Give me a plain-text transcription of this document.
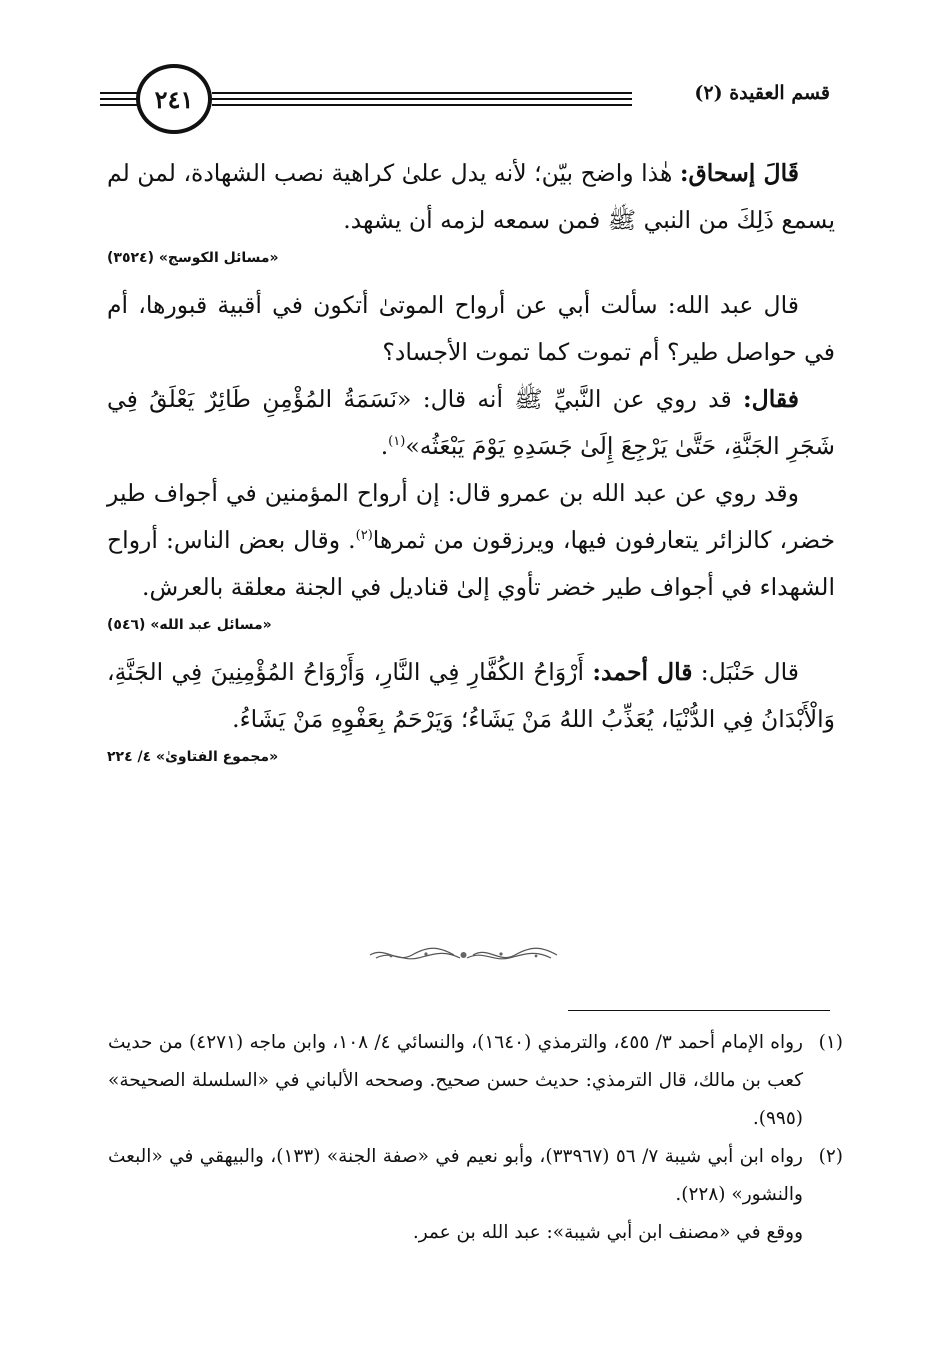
٢٤١	قسم العقيدة (٢)

قَالَ إسحاق: هٰذا واضح بيّن؛ لأنه يدل علىٰ كراهية نصب الشهادة، لمن لم يسمع ذَلِكَ من النبي ﷺ فمن سمعه لزمه أن يشهد.

«مسائل الكوسج» (٣٥٢٤)

قال عبد الله: سألت أبي عن أرواح الموتىٰ أتكون في أقبية قبورها، أم في حواصل طير؟ أم تموت كما تموت الأجساد؟

فقال: قد روي عن النَّبيِّ ﷺ أنه قال: «نَسَمَةُ المُؤْمِنِ طَائِرٌ يَعْلَقُ فِي شَجَرِ الجَنَّةِ، حَتَّىٰ يَرْجِعَ إِلَىٰ جَسَدِهِ يَوْمَ يَبْعَثُه»$^{(١)}$.

وقد روي عن عبد الله بن عمرو قال: إن أرواح المؤمنين في أجواف طير خضر، كالزائر يتعارفون فيها، ويرزقون من ثمرها$^{(٢)}$. وقال بعض الناس: أرواح الشهداء في أجواف طير خضر تأوي إلىٰ قناديل في الجنة معلقة بالعرش.

«مسائل عبد الله» (٥٤٦)

قال حَنْبَل: قال أحمد: أَرْوَاحُ الكُفَّارِ فِي النَّارِ، وَأَرْوَاحُ المُؤْمِنِينَ فِي الجَنَّةِ، وَالْأَبْدَانُ فِي الدُّنْيَا، يُعَذِّبُ اللهُ مَنْ يَشَاءُ؛ وَيَرْحَمُ بِعَفْوِهِ مَنْ يَشَاءُ.

«مجموع الفتاوىٰ» ٤/ ٢٢٤
(١)
رواه الإمام أحمد ٣/ ٤٥٥، والترمذي (١٦٤٠)، والنسائي ٤/ ١٠٨، وابن ماجه (٤٢٧١) من حديث كعب بن مالك، قال الترمذي: حديث حسن صحيح. وصححه الألباني في «السلسلة الصحيحة» (٩٩٥).
(٢)
رواه ابن أبي شيبة ٧/ ٥٦ (٣٣٩٦٧)، وأبو نعيم في «صفة الجنة» (١٣٣)، والبيهقي في «البعث والنشور» (٢٢٨).
ووقع في «مصنف ابن أبي شيبة»: عبد الله بن عمر.
